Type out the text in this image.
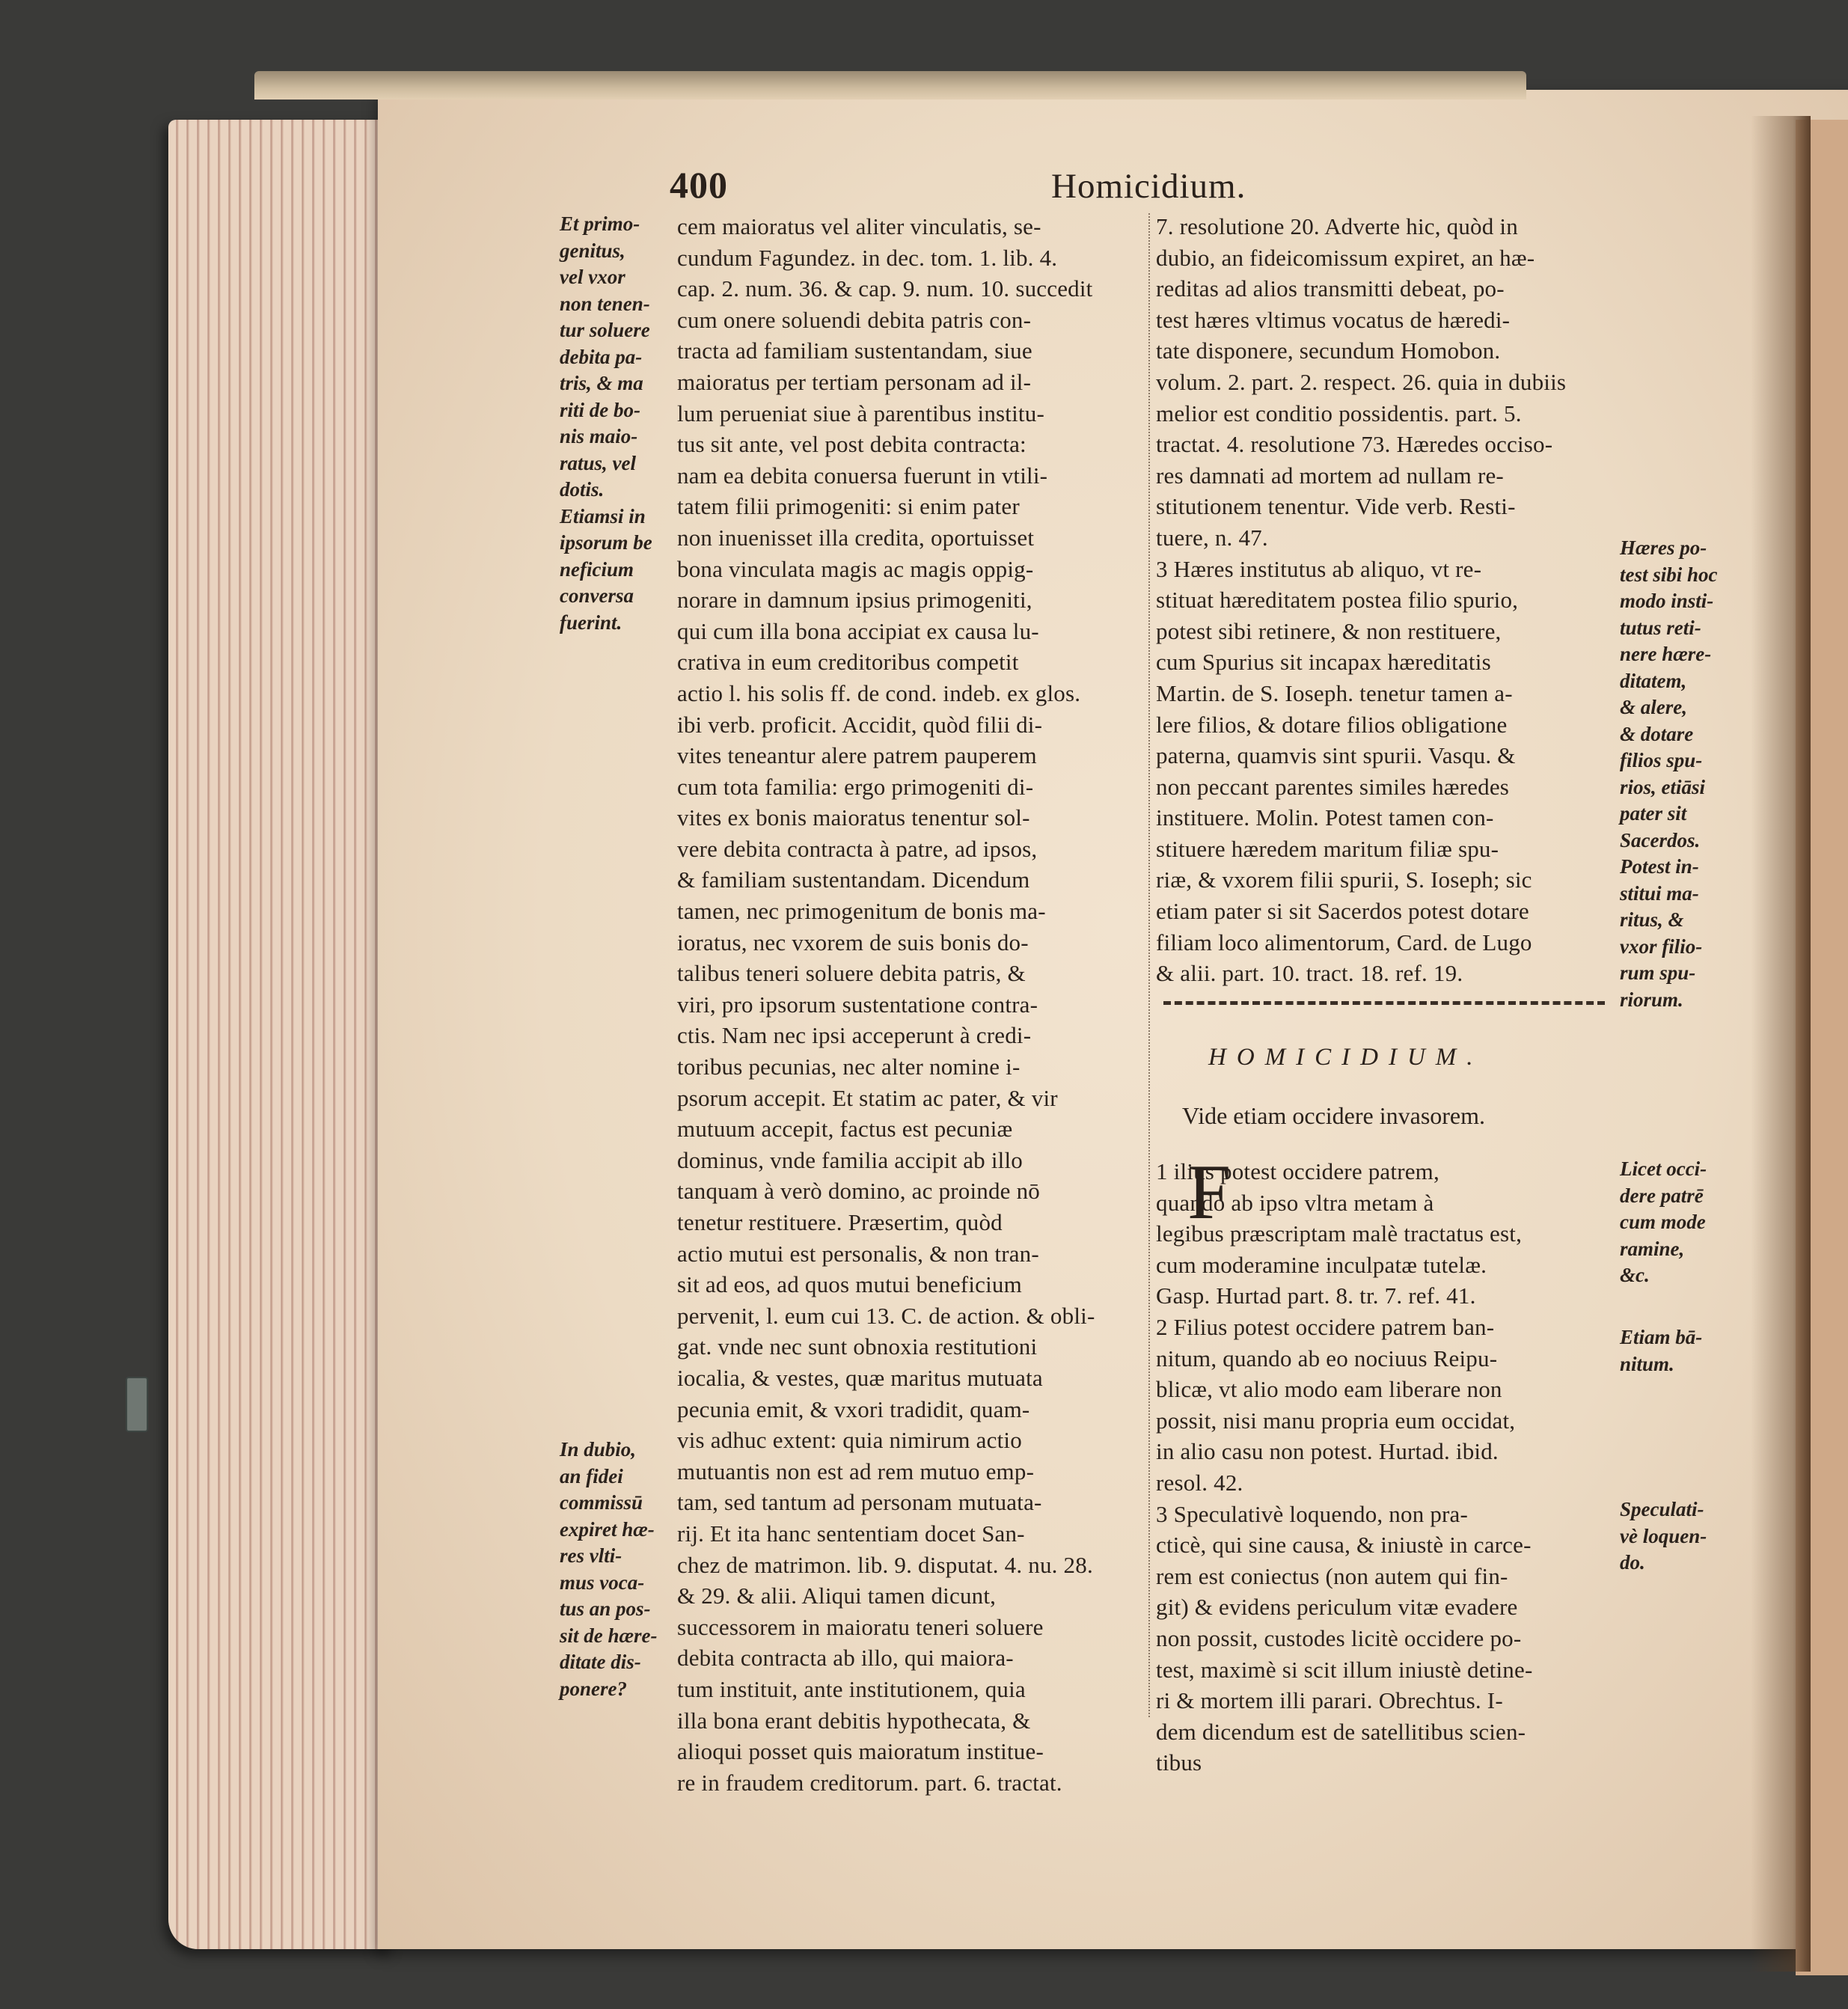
400	Homicidium.
cem maioratus vel aliter vinculatis, se-
cundum Fagundez. in dec. tom. 1. lib. 4.
cap. 2. num. 36. & cap. 9. num. 10. succedit
cum onere soluendi debita patris con-
tracta ad familiam sustentandam, siue
maioratus per tertiam personam ad il-
lum perueniat siue à parentibus institu-
tus sit ante, vel post debita contracta:
nam ea debita conuersa fuerunt in vtili-
tatem filii primogeniti: si enim pater
non inuenisset illa credita, oportuisset
bona vinculata magis ac magis oppig-
norare in damnum ipsius primogeniti,
qui cum illa bona accipiat ex causa lu-
crativa in eum creditoribus competit
actio l. his solis ff. de cond. indeb. ex glos.
ibi verb. proficit. Accidit, quòd filii di-
vites teneantur alere patrem pauperem
cum tota familia: ergo primogeniti di-
vites ex bonis maioratus tenentur sol-
vere debita contracta à patre, ad ipsos,
& familiam sustentandam. Dicendum
tamen, nec primogenitum de bonis ma-
ioratus, nec vxorem de suis bonis do-
talibus teneri soluere debita patris, &
viri, pro ipsorum sustentatione contra-
ctis. Nam nec ipsi acceperunt à credi-
toribus pecunias, nec alter nomine i-
psorum accepit. Et statim ac pater, & vir
mutuum accepit, factus est pecuniæ
dominus, vnde familia accipit ab illo
tanquam à verò domino, ac proinde nō
tenetur restituere. Præsertim, quòd
actio mutui est personalis, & non tran-
sit ad eos, ad quos mutui beneficium
pervenit, l. eum cui 13. C. de action. & obli-
gat. vnde nec sunt obnoxia restitutioni
iocalia, & vestes, quæ maritus mutuata
pecunia emit, & vxori tradidit, quam-
vis adhuc extent: quia nimirum actio
mutuantis non est ad rem mutuo emp-
tam, sed tantum ad personam mutuata-
rij. Et ita hanc sententiam docet San-
chez de matrimon. lib. 9. disputat. 4. nu. 28.
& 29. & alii. Aliqui tamen dicunt,
successorem in maioratu teneri soluere
debita contracta ab illo, qui maiora-
tum instituit, ante institutionem, quia
illa bona erant debitis hypothecata, &
alioqui posset quis maioratum institue-
re in fraudem creditorum. part. 6. tractat.
7. resolutione 20. Adverte hic, quòd in
dubio, an fideicomissum expiret, an hæ-
reditas ad alios transmitti debeat, po-
test hæres vltimus vocatus de hæredi-
tate disponere, secundum Homobon.
volum. 2. part. 2. respect. 26. quia in dubiis
melior est conditio possidentis. part. 5.
tractat. 4. resolutione 73. Hæredes occiso-
res damnati ad mortem ad nullam re-
stitutionem tenentur. Vide verb. Resti-
tuere, n. 47.
3 Hæres institutus ab aliquo, vt re-
stituat hæreditatem postea filio spurio,
potest sibi retinere, & non restituere,
cum Spurius sit incapax hæreditatis
Martin. de S. Ioseph. tenetur tamen a-
lere filios, & dotare filios obligatione
paterna, quamvis sint spurii. Vasqu. &
non peccant parentes similes hæredes
instituere. Molin. Potest tamen con-
stituere hæredem maritum filiæ spu-
riæ, & vxorem filii spurii, S. Ioseph; sic
etiam pater si sit Sacerdos potest dotare
filiam loco alimentorum, Card. de Lugo
& alii. part. 10. tract. 18. ref. 19.
HOMICIDIUM.
Vide etiam occidere invasorem.
F
1 ilius potest occidere patrem,
quando ab ipso vltra metam à
legibus præscriptam malè tractatus est,
cum moderamine inculpatæ tutelæ.
Gasp. Hurtad part. 8. tr. 7. ref. 41.
2 Filius potest occidere patrem ban-
nitum, quando ab eo nociuus Reipu-
blicæ, vt alio modo eam liberare non
possit, nisi manu propria eum occidat,
in alio casu non potest. Hurtad. ibid.
resol. 42.
3 Speculativè loquendo, non pra-
cticè, qui sine causa, & iniustè in carce-
rem est coniectus (non autem qui fin-
git) & evidens periculum vitæ evadere
non possit, custodes licitè occidere po-
test, maximè si scit illum iniustè detine-
ri & mortem illi parari. Obrechtus. I-
dem dicendum est de satellitibus scien-
tibus
Et primo-
genitus,
vel vxor
non tenen-
tur soluere
debita pa-
tris, & ma
riti de bo-
nis maio-
ratus, vel
dotis.
Etiamsi in
ipsorum be
neficium
conversa
fuerint.
In dubio,
an fidei
commissū
expiret hæ-
res vlti-
mus voca-
tus an pos-
sit de hære-
ditate dis-
ponere?
Hæres po-
test sibi hoc
modo insti-
tutus reti-
nere hære-
ditatem,
& alere,
& dotare
filios spu-
rios, etiāsi
pater sit
Sacerdos.
Potest in-
stitui ma-
ritus, &
vxor filio-
rum spu-
riorum.
Licet occi-
dere patrē
cum mode
ramine,
&c.
Etiam bā-
nitum.
Speculati-
vè loquen-
do.
